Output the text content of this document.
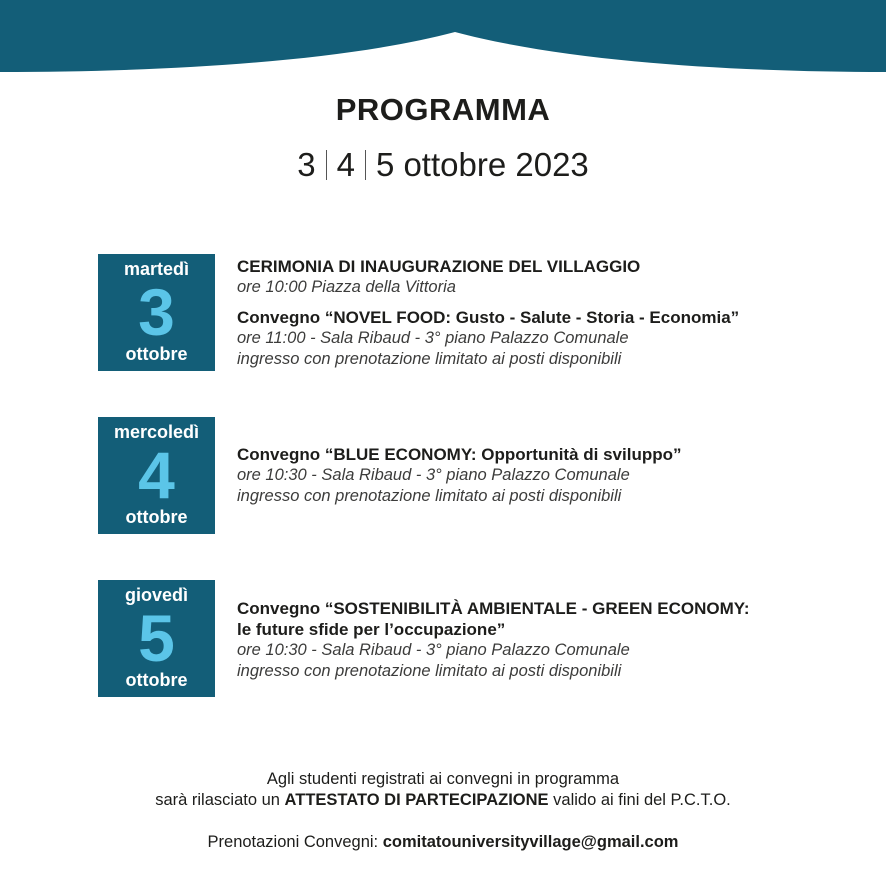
PROGRAMMA
3 4 5 ottobre 2023
martedì
3
ottobre
CERIMONIA DI INAUGURAZIONE DEL VILLAGGIO
ore 10:00 Piazza della Vittoria
Convegno “NOVEL FOOD: Gusto - Salute - Storia - Economia”
ore 11:00 - Sala Ribaud - 3° piano Palazzo Comunale
ingresso con prenotazione limitato ai posti disponibili
mercoledì
4
ottobre
Convegno “BLUE ECONOMY: Opportunità di sviluppo”
ore 10:30 - Sala Ribaud - 3° piano Palazzo Comunale
ingresso con prenotazione limitato ai posti disponibili
giovedì
5
ottobre
Convegno “SOSTENIBILITÀ AMBIENTALE - GREEN ECONOMY:
le future sfide per l’occupazione”
ore 10:30 - Sala Ribaud - 3° piano Palazzo Comunale
ingresso con prenotazione limitato ai posti disponibili
Agli studenti registrati ai convegni in programma
sarà rilasciato un ATTESTATO DI PARTECIPAZIONE valido ai fini del P.C.T.O.
Prenotazioni Convegni: comitatouniversityvillage@gmail.com
